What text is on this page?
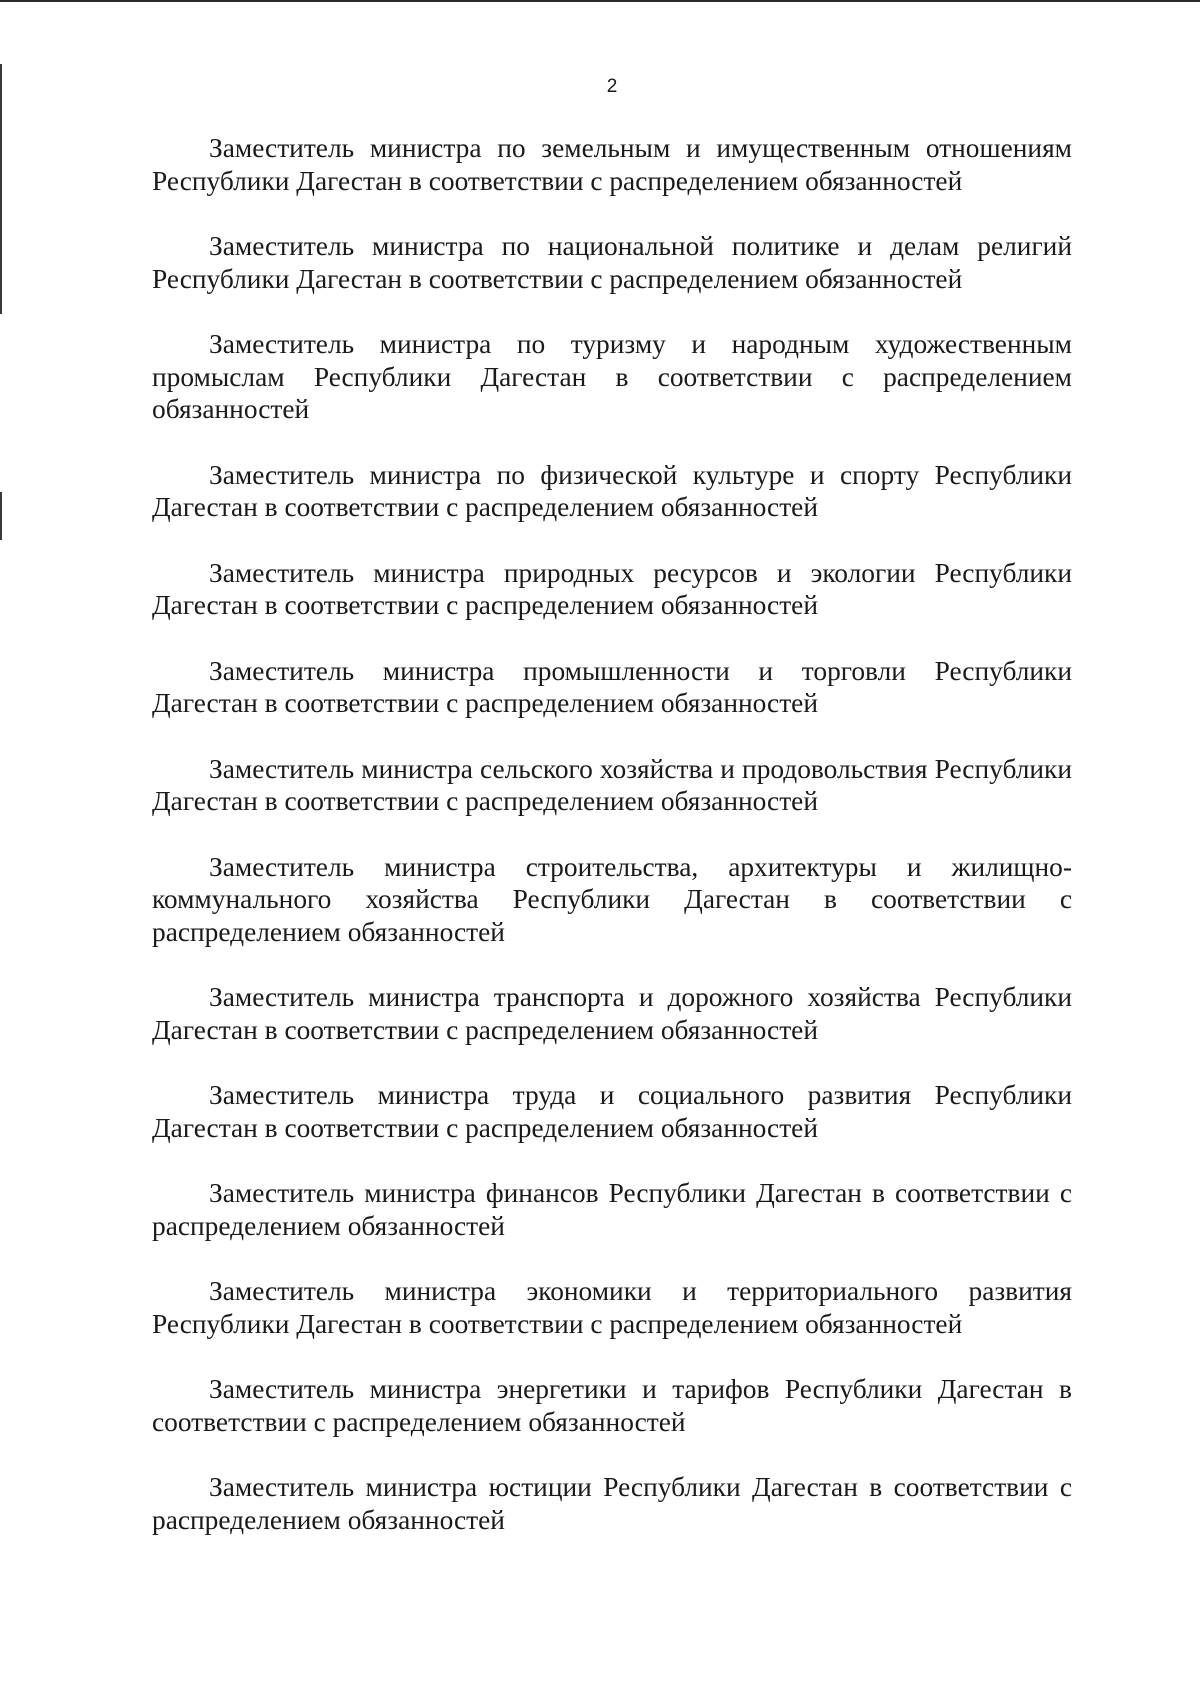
2

Заместитель министра по земельным и имущественным отношениям Республики Дагестан в соответствии с распределением обязанностей

Заместитель министра по национальной политике и делам религий Республики Дагестан в соответствии с распределением обязанностей

Заместитель министра по туризму и народным художественным промыслам Республики Дагестан в соответствии с распределением обязанностей

Заместитель министра по физической культуре и спорту Республики Дагестан в соответствии с распределением обязанностей

Заместитель министра природных ресурсов и экологии Республики Дагестан в соответствии с распределением обязанностей

Заместитель министра промышленности и торговли Республики Дагестан в соответствии с распределением обязанностей

Заместитель министра сельского хозяйства и продовольствия Республики Дагестан в соответствии с распределением обязанностей

Заместитель министра строительства, архитектуры и жилищно-коммунального хозяйства Республики Дагестан в соответствии с распределением обязанностей

Заместитель министра транспорта и дорожного хозяйства Республики Дагестан в соответствии с распределением обязанностей

Заместитель министра труда и социального развития Республики Дагестан в соответствии с распределением обязанностей

Заместитель министра финансов Республики Дагестан в соответствии с распределением обязанностей

Заместитель министра экономики и территориального развития Республики Дагестан в соответствии с распределением обязанностей

Заместитель министра энергетики и тарифов Республики Дагестан в соответствии с распределением обязанностей

Заместитель министра юстиции Республики Дагестан в соответствии с распределением обязанностей
